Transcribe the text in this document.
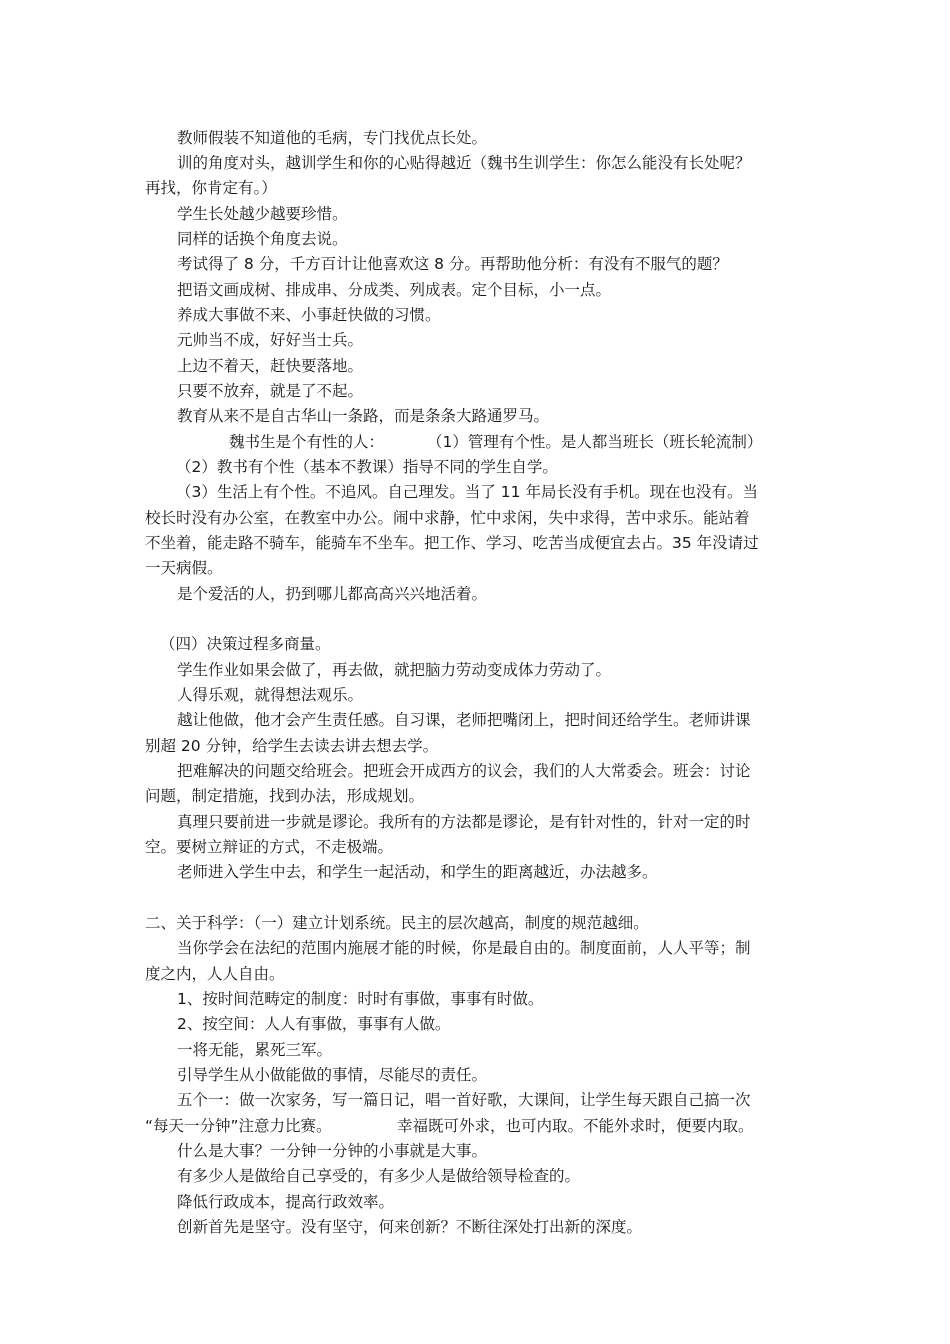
教师假装不知道他的毛病，专门找优点长处。

训的角度对头，越训学生和你的心贴得越近（魏书生训学生：你怎么能没有长处呢？

再找，你肯定有。）

学生长处越少越要珍惜。

同样的话换个角度去说。

考试得了 8 分，千方百计让他喜欢这 8 分。再帮助他分析：有没有不服气的题？

把语文画成树、排成串、分成类、列成表。定个目标，小一点。

养成大事做不来、小事赶快做的习惯。

元帅当不成，好好当士兵。

上边不着天，赶快要落地。

只要不放弃，就是了不起。

教育从来不是自古华山一条路，而是条条大路通罗马。

魏书生是个有性的人：	（1）管理有个性。是人都当班长（班长轮流制）

（2）教书有个性（基本不教课）指导不同的学生自学。

（3）生活上有个性。不追风。自己理发。当了 11 年局长没有手机。现在也没有。当

校长时没有办公室，在教室中办公。闹中求静，忙中求闲，失中求得，苦中求乐。能站着

不坐着，能走路不骑车，能骑车不坐车。把工作、学习、吃苦当成便宜去占。35 年没请过

一天病假。

是个爱活的人，扔到哪儿都高高兴兴地活着。

（四）决策过程多商量。

学生作业如果会做了，再去做，就把脑力劳动变成体力劳动了。

人得乐观，就得想法观乐。

越让他做，他才会产生责任感。自习课，老师把嘴闭上，把时间还给学生。老师讲课

别超 20 分钟，给学生去读去讲去想去学。

把难解决的问题交给班会。把班会开成西方的议会，我们的人大常委会。班会：讨论

问题，制定措施，找到办法，形成规划。

真理只要前进一步就是谬论。我所有的方法都是谬论，是有针对性的，针对一定的时

空。要树立辩证的方式，不走极端。

老师进入学生中去，和学生一起活动，和学生的距离越近，办法越多。

二、关于科学：（一）建立计划系统。民主的层次越高，制度的规范越细。

当你学会在法纪的范围内施展才能的时候，你是最自由的。制度面前，人人平等；制

度之内，人人自由。

1、按时间范畴定的制度：时时有事做，事事有时做。

2、按空间：人人有事做，事事有人做。

一将无能，累死三军。

引导学生从小做能做的事情，尽能尽的责任。

五个一：做一次家务，写一篇日记，唱一首好歌，大课间，让学生每天跟自己搞一次

“每天一分钟”注意力比赛。	幸福既可外求，也可内取。不能外求时，便要内取。

什么是大事？一分钟一分钟的小事就是大事。

有多少人是做给自己享受的，有多少人是做给领导检查的。

降低行政成本，提高行政效率。

创新首先是坚守。没有坚守，何来创新？不断往深处打出新的深度。
